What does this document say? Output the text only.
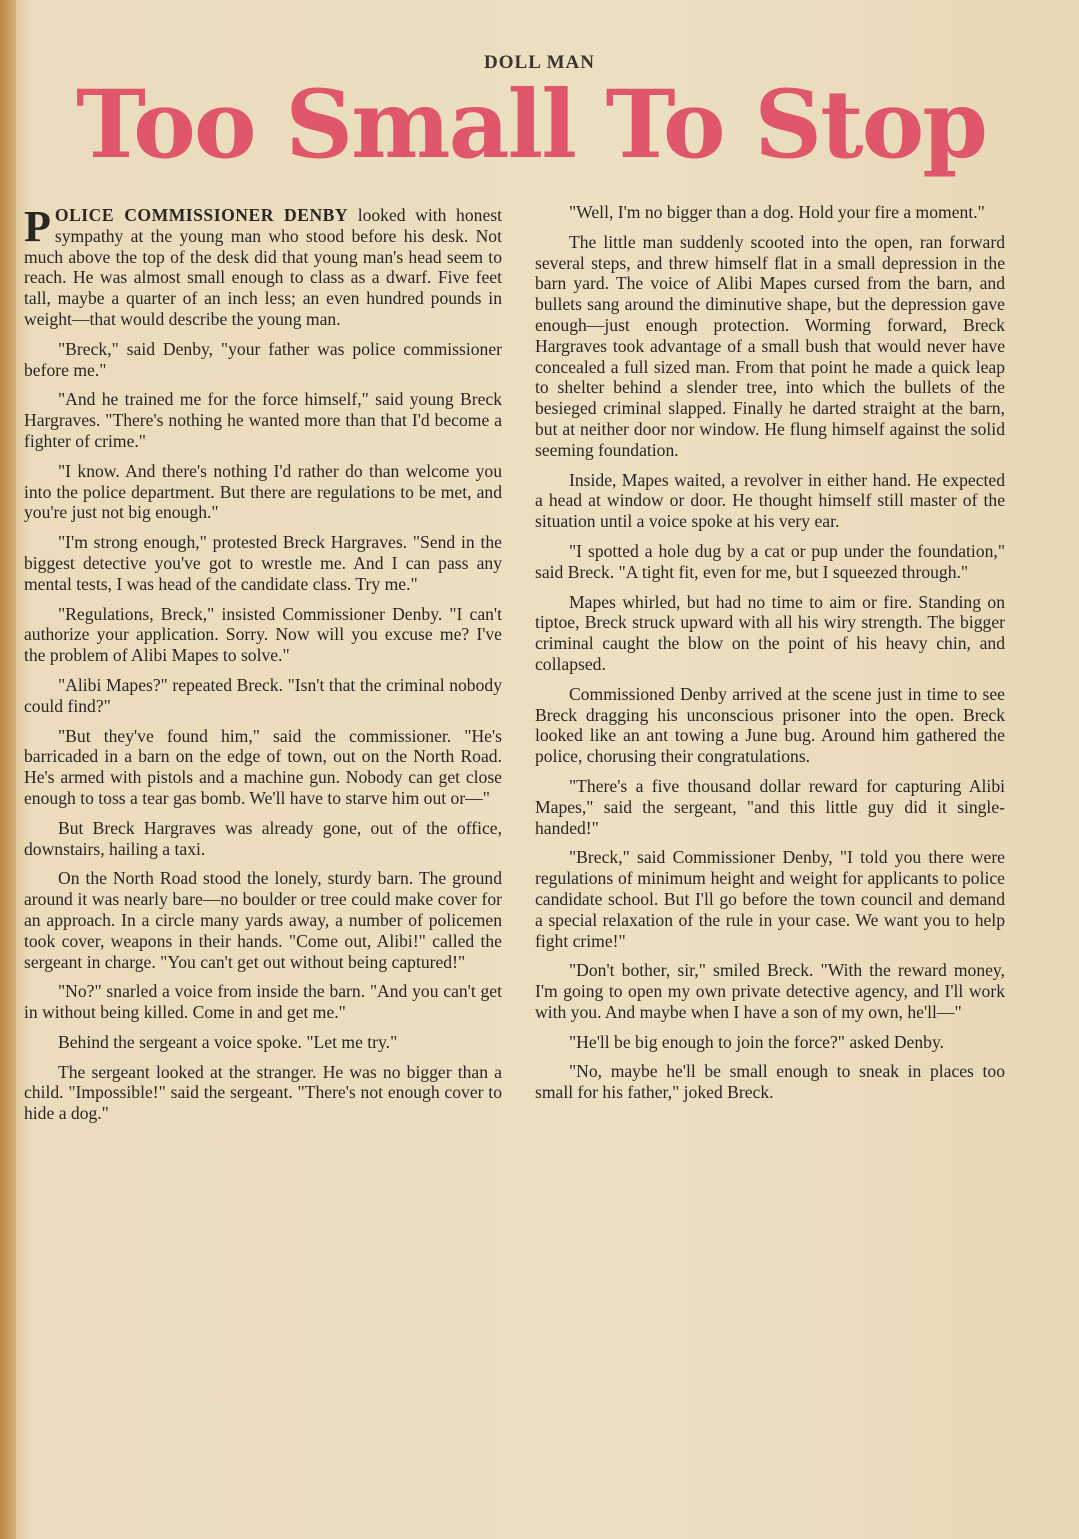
DOLL MAN
Too Small To Stop

POLICE COMMISSIONER DENBY looked with honest sympathy at the young man who stood before his desk. Not much above the top of the desk did that young man's head seem to reach. He was almost small enough to class as a dwarf. Five feet tall, maybe a quarter of an inch less; an even hundred pounds in weight—that would describe the young man.

"Breck," said Denby, "your father was police commissioner before me."

"And he trained me for the force himself," said young Breck Hargraves. "There's nothing he wanted more than that I'd become a fighter of crime."

"I know. And there's nothing I'd rather do than welcome you into the police department. But there are regulations to be met, and you're just not big enough."

"I'm strong enough," protested Breck Hargraves. "Send in the biggest detective you've got to wrestle me. And I can pass any mental tests, I was head of the candidate class. Try me."

"Regulations, Breck," insisted Commissioner Denby. "I can't authorize your application. Sorry. Now will you excuse me? I've the problem of Alibi Mapes to solve."

"Alibi Mapes?" repeated Breck. "Isn't that the criminal nobody could find?"

"But they've found him," said the commissioner. "He's barricaded in a barn on the edge of town, out on the North Road. He's armed with pistols and a machine gun. Nobody can get close enough to toss a tear gas bomb. We'll have to starve him out or—"

But Breck Hargraves was already gone, out of the office, downstairs, hailing a taxi.

On the North Road stood the lonely, sturdy barn. The ground around it was nearly bare—no boulder or tree could make cover for an approach. In a circle many yards away, a number of policemen took cover, weapons in their hands. "Come out, Alibi!" called the sergeant in charge. "You can't get out without being captured!"

"No?" snarled a voice from inside the barn. "And you can't get in without being killed. Come in and get me."

Behind the sergeant a voice spoke. "Let me try."

The sergeant looked at the stranger. He was no bigger than a child. "Impossible!" said the sergeant. "There's not enough cover to hide a dog."

"Well, I'm no bigger than a dog. Hold your fire a moment."

The little man suddenly scooted into the open, ran forward several steps, and threw himself flat in a small depression in the barn yard. The voice of Alibi Mapes cursed from the barn, and bullets sang around the diminutive shape, but the depression gave enough—just enough protection. Worming forward, Breck Hargraves took advantage of a small bush that would never have concealed a full sized man. From that point he made a quick leap to shelter behind a slender tree, into which the bullets of the besieged criminal slapped. Finally he darted straight at the barn, but at neither door nor window. He flung himself against the solid seeming foundation.

Inside, Mapes waited, a revolver in either hand. He expected a head at window or door. He thought himself still master of the situation until a voice spoke at his very ear.

"I spotted a hole dug by a cat or pup under the foundation," said Breck. "A tight fit, even for me, but I squeezed through."

Mapes whirled, but had no time to aim or fire. Standing on tiptoe, Breck struck upward with all his wiry strength. The bigger criminal caught the blow on the point of his heavy chin, and collapsed.

Commissioned Denby arrived at the scene just in time to see Breck dragging his unconscious prisoner into the open. Breck looked like an ant towing a June bug. Around him gathered the police, chorusing their congratulations.

"There's a five thousand dollar reward for capturing Alibi Mapes," said the sergeant, "and this little guy did it single-handed!"

"Breck," said Commissioner Denby, "I told you there were regulations of minimum height and weight for applicants to police candidate school. But I'll go before the town council and demand a special relaxation of the rule in your case. We want you to help fight crime!"

"Don't bother, sir," smiled Breck. "With the reward money, I'm going to open my own private detective agency, and I'll work with you. And maybe when I have a son of my own, he'll—"

"He'll be big enough to join the force?" asked Denby.

"No, maybe he'll be small enough to sneak in places too small for his father," joked Breck.
